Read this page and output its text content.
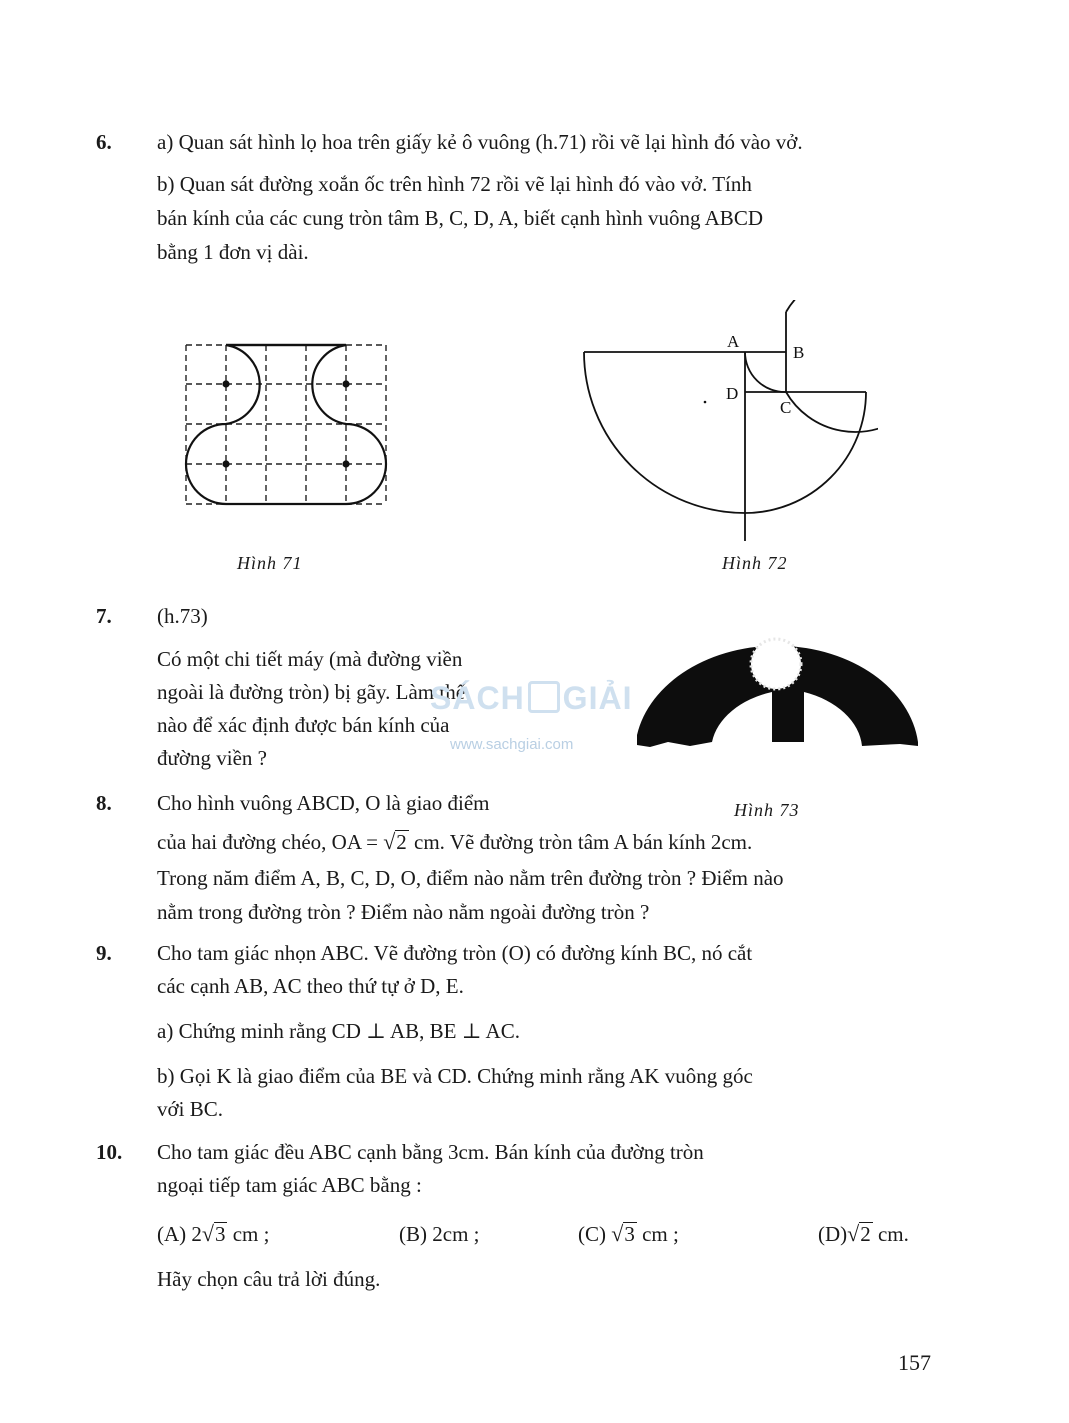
6. a) Quan sát hình lọ hoa trên giấy kẻ ô vuông (h.71) rồi vẽ lại hình đó vào vở.
b) Quan sát đường xoắn ốc trên hình 72 rồi vẽ lại hình đó vào vở. Tính
bán kính của các cung tròn tâm B, C, D, A, biết cạnh hình vuông ABCD
bằng 1 đơn vị dài.
Hình 71
A
B
C
D
Hình 72
7. (h.73)
Có một chi tiết máy (mà đường viền
ngoài là đường tròn) bị gãy. Làm thế
nào để xác định được bán kính của
đường viền ?
SÁCH GIẢI
www.sachgiai.com
Hình 73
8. Cho hình vuông ABCD, O là giao điểm
của hai đường chéo, OA = √2 cm. Vẽ đường tròn tâm A bán kính 2cm.
Trong năm điểm A, B, C, D, O, điểm nào nằm trên đường tròn ? Điểm nào
nằm trong đường tròn ? Điểm nào nằm ngoài đường tròn ?
9. Cho tam giác nhọn ABC. Vẽ đường tròn (O) có đường kính BC, nó cắt
các cạnh AB, AC theo thứ tự ở D, E.
a) Chứng minh rằng CD ⊥ AB, BE ⊥ AC.
b) Gọi K là giao điểm của BE và CD. Chứng minh rằng AK vuông góc
với BC.
10. Cho tam giác đều ABC cạnh bằng 3cm. Bán kính của đường tròn
ngoại tiếp tam giác ABC bằng :
(A) 2√3 cm ;	(B) 2cm ;	(C) √3 cm ;	(D)√2 cm.
Hãy chọn câu trả lời đúng.
157
